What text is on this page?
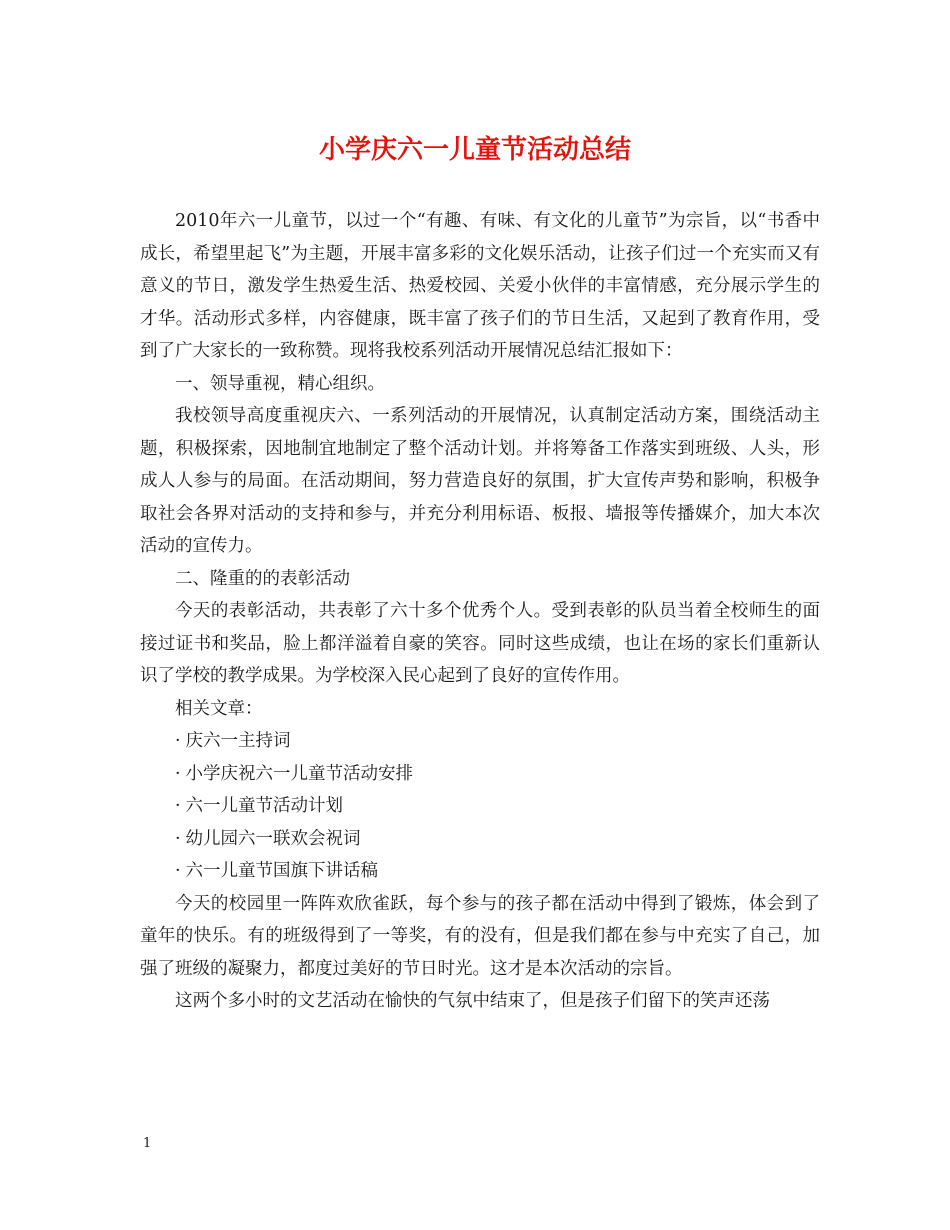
小学庆六一儿童节活动总结

2010年六一儿童节，以过一个“有趣、有味、有文化的儿童节”为宗旨，以“书香中成长，希望里起飞”为主题，开展丰富多彩的文化娱乐活动，让孩子们过一个充实而又有意义的节日，激发学生热爱生活、热爱校园、关爱小伙伴的丰富情感，充分展示学生的才华。活动形式多样，内容健康，既丰富了孩子们的节日生活，又起到了教育作用，受到了广大家长的一致称赞。现将我校系列活动开展情况总结汇报如下：

一、领导重视，精心组织。

我校领导高度重视庆六、一系列活动的开展情况，认真制定活动方案，围绕活动主题，积极探索，因地制宜地制定了整个活动计划。并将筹备工作落实到班级、人头，形成人人参与的局面。在活动期间，努力营造良好的氛围，扩大宣传声势和影响，积极争取社会各界对活动的支持和参与，并充分利用标语、板报、墙报等传播媒介，加大本次活动的宣传力。

二、隆重的的表彰活动

今天的表彰活动，共表彰了六十多个优秀个人。受到表彰的队员当着全校师生的面接过证书和奖品，脸上都洋溢着自豪的笑容。同时这些成绩，也让在场的家长们重新认识了学校的教学成果。为学校深入民心起到了良好的宣传作用。

相关文章：

· 庆六一主持词

· 小学庆祝六一儿童节活动安排

· 六一儿童节活动计划

· 幼儿园六一联欢会祝词

· 六一儿童节国旗下讲话稿

今天的校园里一阵阵欢欣雀跃，每个参与的孩子都在活动中得到了锻炼，体会到了童年的快乐。有的班级得到了一等奖，有的没有，但是我们都在参与中充实了自己，加强了班级的凝聚力，都度过美好的节日时光。这才是本次活动的宗旨。

这两个多小时的文艺活动在愉快的气氛中结束了，但是孩子们留下的笑声还荡

1
